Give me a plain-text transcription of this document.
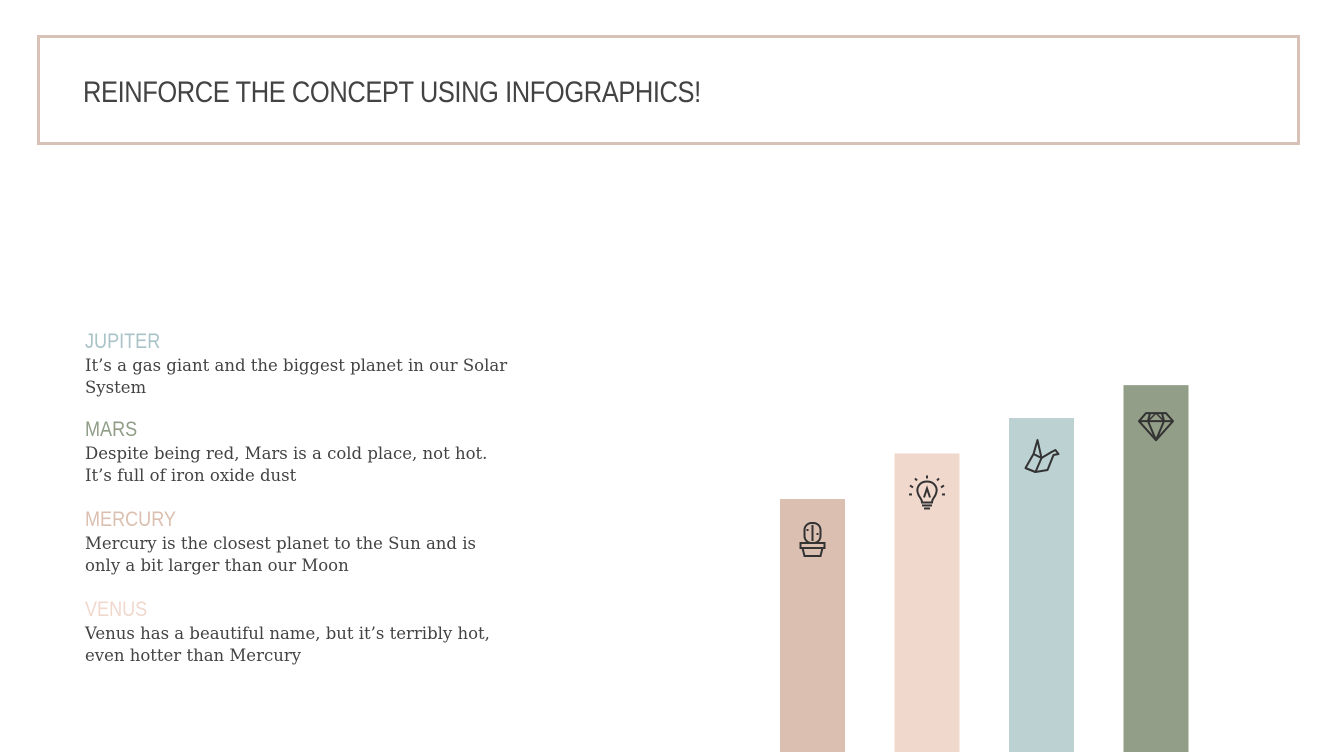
REINFORCE THE CONCEPT USING INFOGRAPHICS!
JUPITER
It’s a gas giant and the biggest planet in our Solar System
MARS
Despite being red, Mars is a cold place, not hot. It’s full of iron oxide dust
MERCURY
Mercury is the closest planet to the Sun and is only a bit larger than our Moon
VENUS
Venus has a beautiful name, but it’s terribly hot, even hotter than Mercury
